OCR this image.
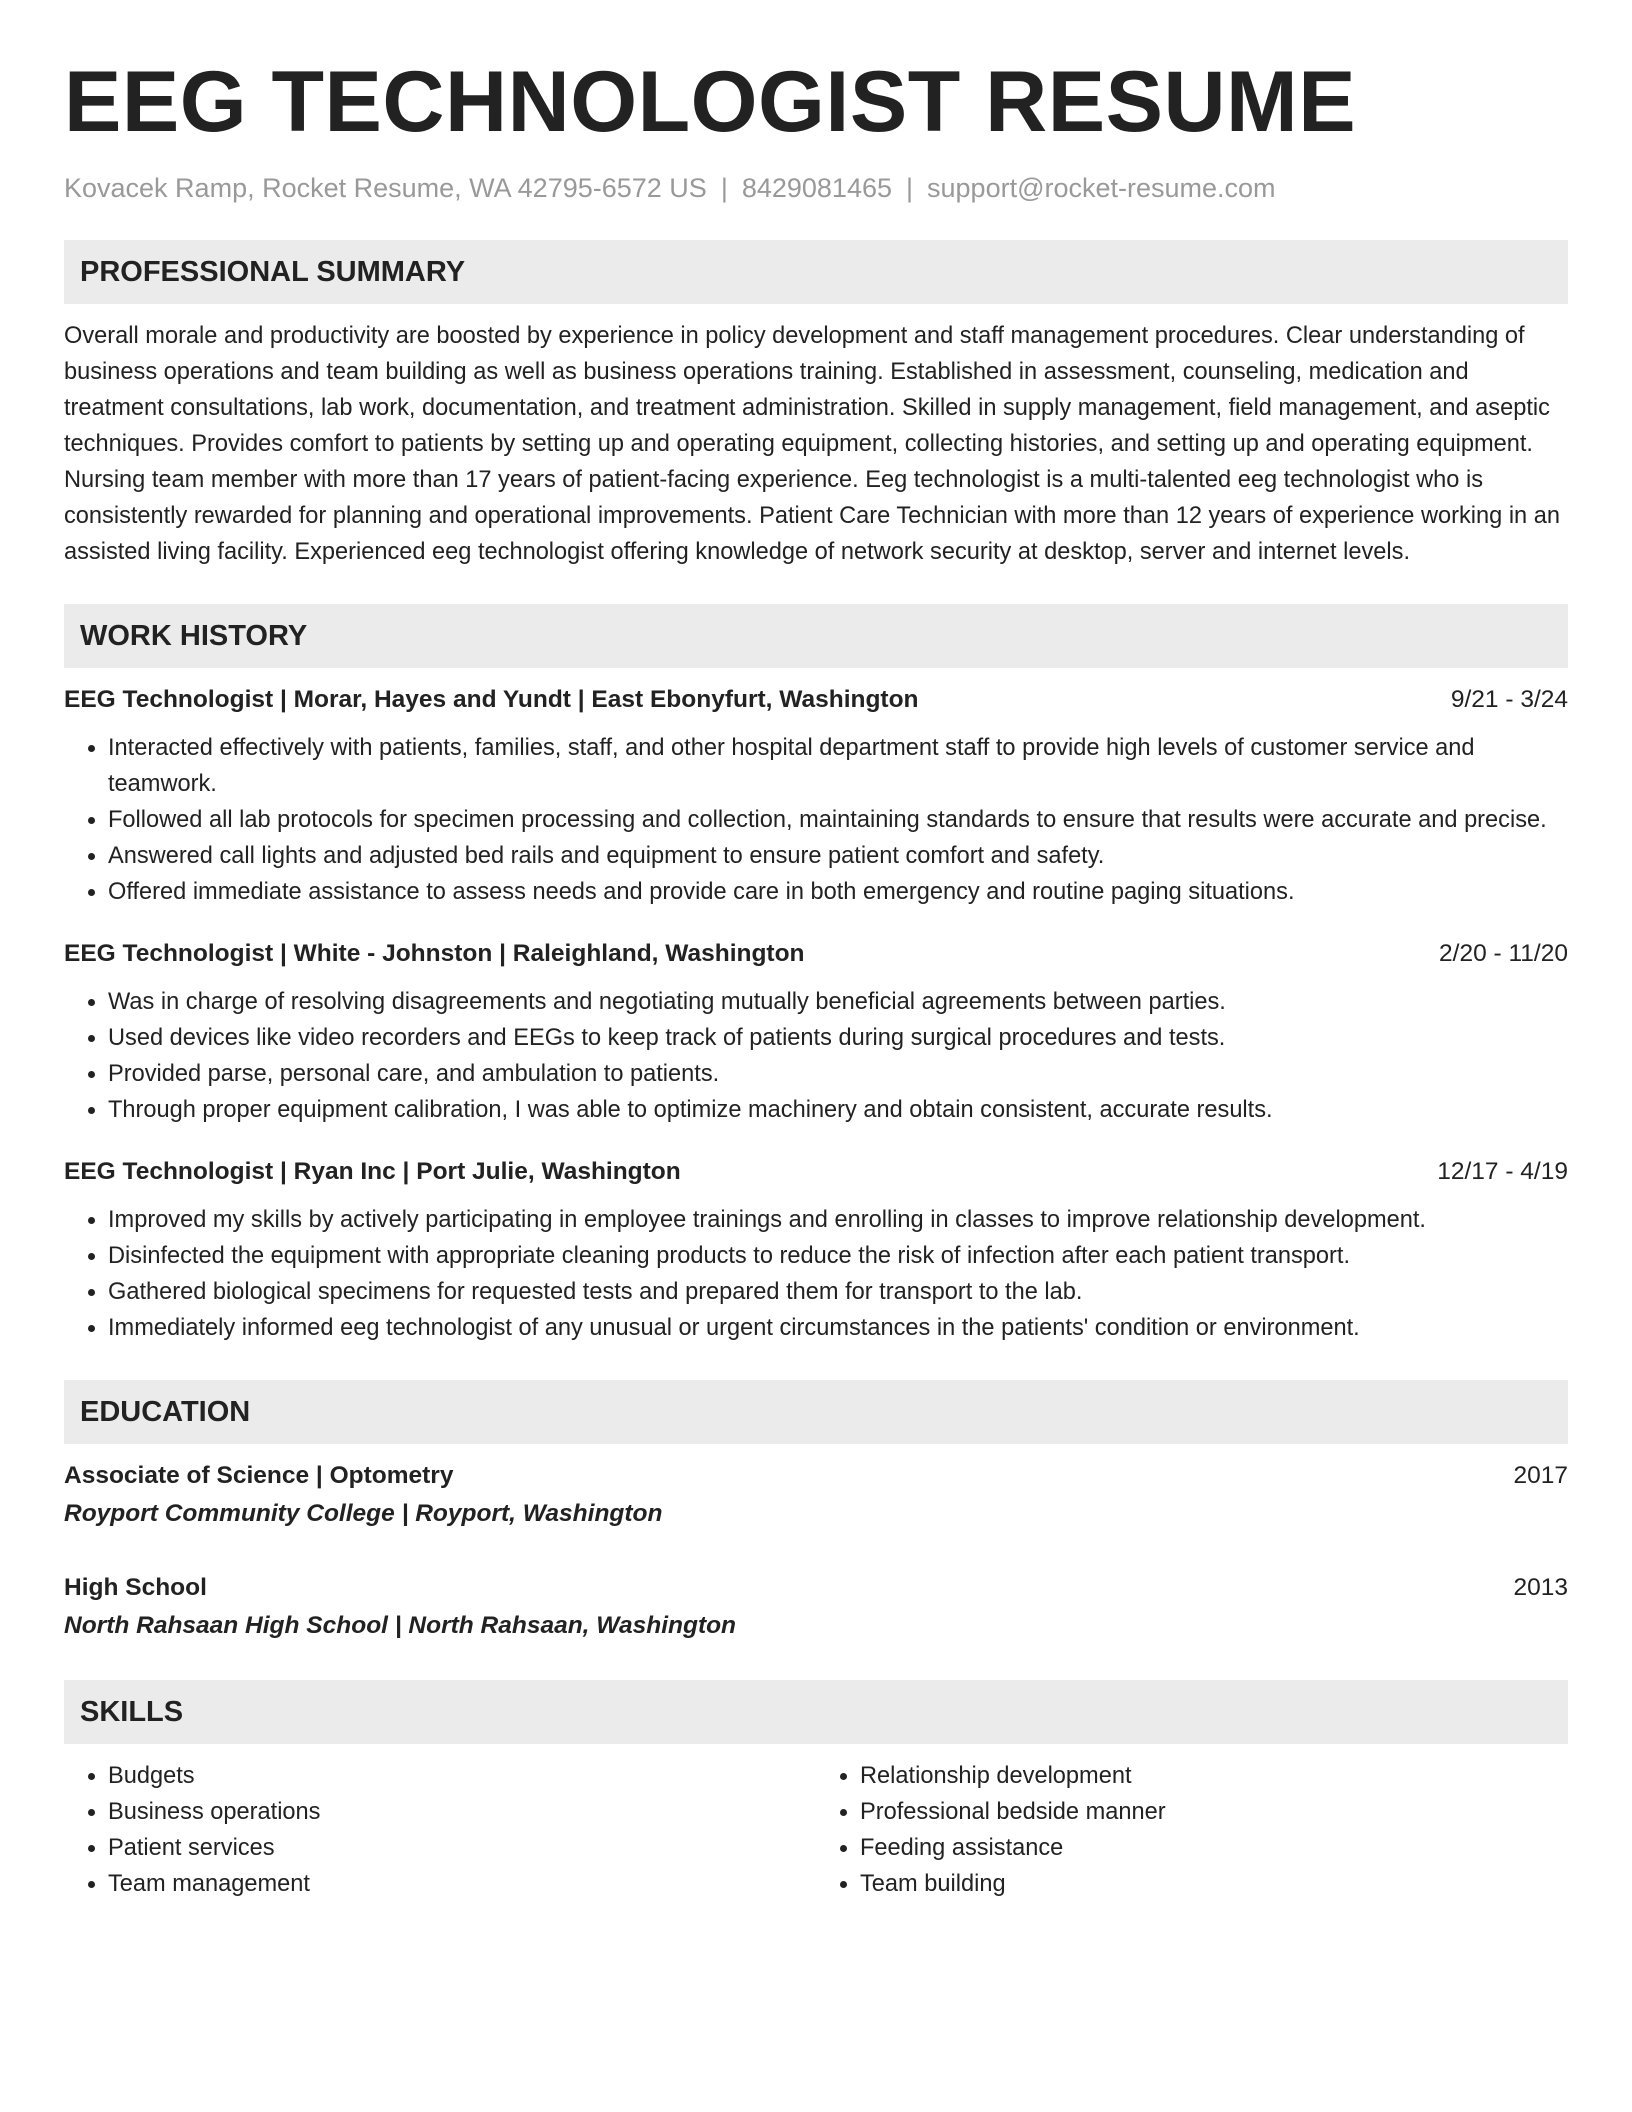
EEG TECHNOLOGIST RESUME
Kovacek Ramp, Rocket Resume, WA 42795-6572 US | 8429081465 | support@rocket-resume.com
PROFESSIONAL SUMMARY
Overall morale and productivity are boosted by experience in policy development and staff management procedures. Clear understanding of business operations and team building as well as business operations training. Established in assessment, counseling, medication and treatment consultations, lab work, documentation, and treatment administration. Skilled in supply management, field management, and aseptic techniques. Provides comfort to patients by setting up and operating equipment, collecting histories, and setting up and operating equipment. Nursing team member with more than 17 years of patient-facing experience. Eeg technologist is a multi-talented eeg technologist who is consistently rewarded for planning and operational improvements. Patient Care Technician with more than 12 years of experience working in an assisted living facility. Experienced eeg technologist offering knowledge of network security at desktop, server and internet levels.
WORK HISTORY
EEG Technologist | Morar, Hayes and Yundt | East Ebonyfurt, Washington	9/21 - 3/24
• Interacted effectively with patients, families, staff, and other hospital department staff to provide high levels of customer service and teamwork.
• Followed all lab protocols for specimen processing and collection, maintaining standards to ensure that results were accurate and precise.
• Answered call lights and adjusted bed rails and equipment to ensure patient comfort and safety.
• Offered immediate assistance to assess needs and provide care in both emergency and routine paging situations.
EEG Technologist | White - Johnston | Raleighland, Washington	2/20 - 11/20
• Was in charge of resolving disagreements and negotiating mutually beneficial agreements between parties.
• Used devices like video recorders and EEGs to keep track of patients during surgical procedures and tests.
• Provided parse, personal care, and ambulation to patients.
• Through proper equipment calibration, I was able to optimize machinery and obtain consistent, accurate results.
EEG Technologist | Ryan Inc | Port Julie, Washington	12/17 - 4/19
• Improved my skills by actively participating in employee trainings and enrolling in classes to improve relationship development.
• Disinfected the equipment with appropriate cleaning products to reduce the risk of infection after each patient transport.
• Gathered biological specimens for requested tests and prepared them for transport to the lab.
• Immediately informed eeg technologist of any unusual or urgent circumstances in the patients' condition or environment.
EDUCATION
Associate of Science | Optometry	2017
Royport Community College | Royport, Washington
High School	2013
North Rahsaan High School | North Rahsaan, Washington
SKILLS
• Budgets
• Business operations
• Patient services
• Team management
• Relationship development
• Professional bedside manner
• Feeding assistance
• Team building
